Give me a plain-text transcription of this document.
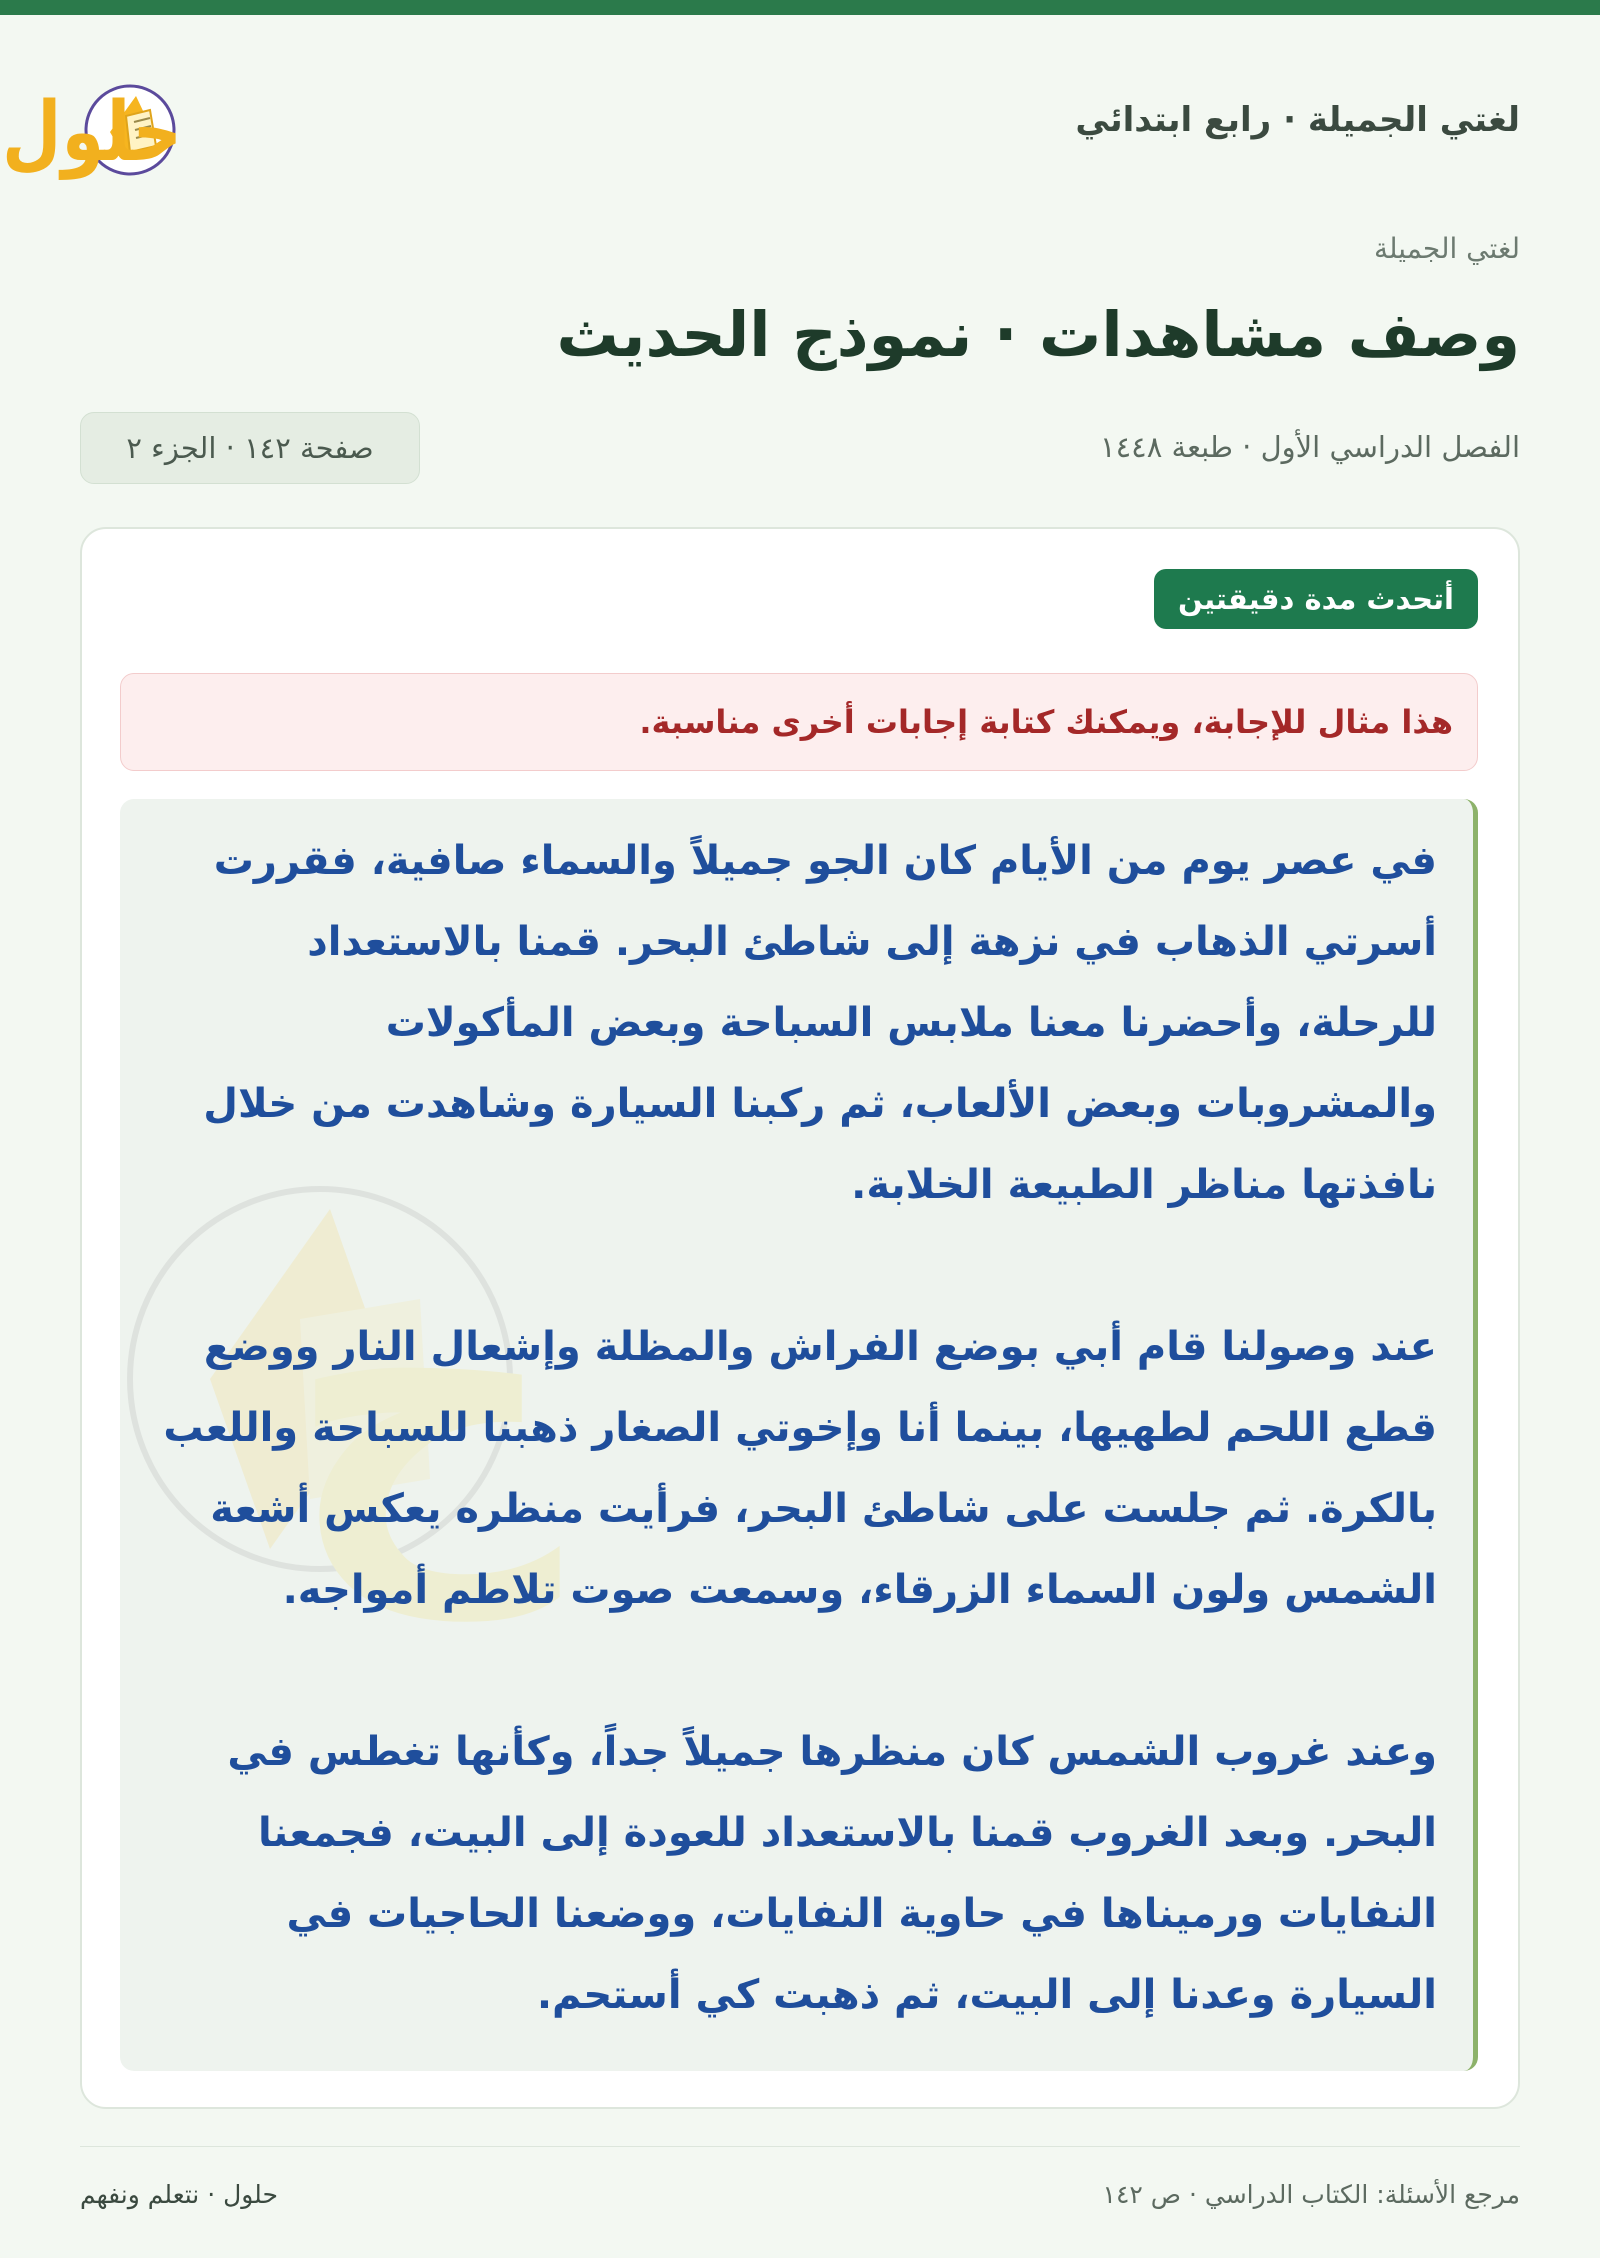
لغتي الجميلة · رابع ابتدائي
حلول
لغتي الجميلة
وصف مشاهدات · نموذج الحديث
الفصل الدراسي الأول · طبعة ١٤٤٨
صفحة ١٤٢ · الجزء ٢
أتحدث مدة دقيقتين
هذا مثال للإجابة، ويمكنك كتابة إجابات أخرى مناسبة.
ح

في عصر يوم من الأيام كان الجو جميلاً والسماء صافية، فقررت أسرتي الذهاب في نزهة إلى شاطئ البحر. قمنا بالاستعداد للرحلة، وأحضرنا معنا ملابس السباحة وبعض المأكولات والمشروبات وبعض الألعاب، ثم ركبنا السيارة وشاهدت من خلال نافذتها مناظر الطبيعة الخلابة.

عند وصولنا قام أبي بوضع الفراش والمظلة وإشعال النار ووضع قطع اللحم لطهيها، بينما أنا وإخوتي الصغار ذهبنا للسباحة واللعب بالكرة. ثم جلست على شاطئ البحر، فرأيت منظره يعكس أشعة الشمس ولون السماء الزرقاء، وسمعت صوت تلاطم أمواجه.

وعند غروب الشمس كان منظرها جميلاً جداً، وكأنها تغطس في البحر. وبعد الغروب قمنا بالاستعداد للعودة إلى البيت، فجمعنا النفايات ورميناها في حاوية النفايات، ووضعنا الحاجيات في السيارة وعدنا إلى البيت، ثم ذهبت كي أستحم.

مرجع الأسئلة: الكتاب الدراسي · ص ١٤٢
حلول · نتعلم ونفهم
